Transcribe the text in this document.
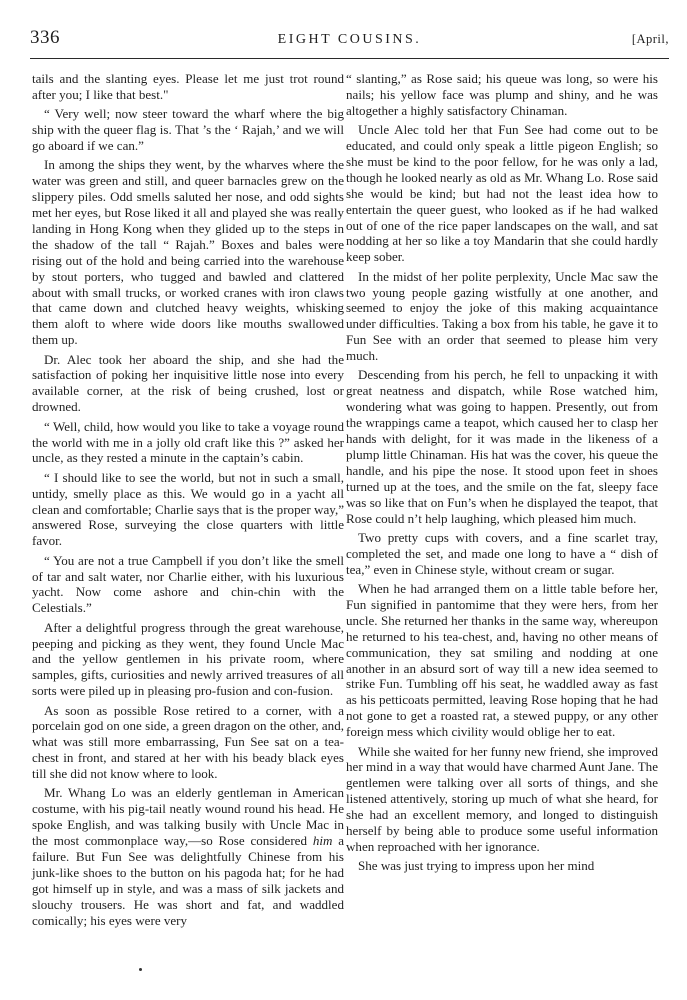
336	EIGHT COUSINS.	[April,

tails and the slanting eyes. Please let me just trot round after you; I like that best."

“ Very well; now steer toward the wharf where the big ship with the queer flag is. That ’s the ‘ Rajah,’ and we will go aboard if we can.”

In among the ships they went, by the wharves where the water was green and still, and queer barnacles grew on the slippery piles. Odd smells saluted her nose, and odd sights met her eyes, but Rose liked it all and played she was really landing in Hong Kong when they glided up to the steps in the shadow of the tall “ Rajah.” Boxes and bales were rising out of the hold and being carried into the warehouse by stout porters, who tugged and bawled and clattered about with small trucks, or worked cranes with iron claws that came down and clutched heavy weights, whisking them aloft to where wide doors like mouths swallowed them up.

Dr. Alec took her aboard the ship, and she had the satisfaction of poking her inquisitive little nose into every available corner, at the risk of being crushed, lost or drowned.

“ Well, child, how would you like to take a voyage round the world with me in a jolly old craft like this ?” asked her uncle, as they rested a minute in the captain’s cabin.

“ I should like to see the world, but not in such a small, untidy, smelly place as this. We would go in a yacht all clean and comfortable; Charlie says that is the proper way,” answered Rose, surveying the close quarters with little favor.

“ You are not a true Campbell if you don’t like the smell of tar and salt water, nor Charlie either, with his luxurious yacht. Now come ashore and chin-chin with the Celestials.”

After a delightful progress through the great warehouse, peeping and picking as they went, they found Uncle Mac and the yellow gentlemen in his private room, where samples, gifts, curiosities and newly arrived treasures of all sorts were piled up in pleasing pro-fusion and con-fusion.

As soon as possible Rose retired to a corner, with a porcelain god on one side, a green dragon on the other, and, what was still more embarrassing, Fun See sat on a tea-chest in front, and stared at her with his beady black eyes till she did not know where to look.

Mr. Whang Lo was an elderly gentleman in American costume, with his pig-tail neatly wound round his head. He spoke English, and was talking busily with Uncle Mac in the most commonplace way,—so Rose considered him a failure. But Fun See was delightfully Chinese from his junk-like shoes to the button on his pagoda hat; for he had got himself up in style, and was a mass of silk jackets and slouchy trousers. He was short and fat, and waddled comically; his eyes were very

“ slanting,” as Rose said; his queue was long, so were his nails; his yellow face was plump and shiny, and he was altogether a highly satisfactory Chinaman.

Uncle Alec told her that Fun See had come out to be educated, and could only speak a little pigeon English; so she must be kind to the poor fellow, for he was only a lad, though he looked nearly as old as Mr. Whang Lo. Rose said she would be kind; but had not the least idea how to entertain the queer guest, who looked as if he had walked out of one of the rice paper landscapes on the wall, and sat nodding at her so like a toy Mandarin that she could hardly keep sober.

In the midst of her polite perplexity, Uncle Mac saw the two young people gazing wistfully at one another, and seemed to enjoy the joke of this making acquaintance under difficulties. Taking a box from his table, he gave it to Fun See with an order that seemed to please him very much.

Descending from his perch, he fell to unpacking it with great neatness and dispatch, while Rose watched him, wondering what was going to happen. Presently, out from the wrappings came a teapot, which caused her to clasp her hands with delight, for it was made in the likeness of a plump little Chinaman. His hat was the cover, his queue the handle, and his pipe the nose. It stood upon feet in shoes turned up at the toes, and the smile on the fat, sleepy face was so like that on Fun’s when he displayed the teapot, that Rose could n’t help laughing, which pleased him much.

Two pretty cups with covers, and a fine scarlet tray, completed the set, and made one long to have a “ dish of tea,” even in Chinese style, without cream or sugar.

When he had arranged them on a little table before her, Fun signified in pantomime that they were hers, from her uncle. She returned her thanks in the same way, whereupon he returned to his tea-chest, and, having no other means of communication, they sat smiling and nodding at one another in an absurd sort of way till a new idea seemed to strike Fun. Tumbling off his seat, he waddled away as fast as his petticoats permitted, leaving Rose hoping that he had not gone to get a roasted rat, a stewed puppy, or any other foreign mess which civility would oblige her to eat.

While she waited for her funny new friend, she improved her mind in a way that would have charmed Aunt Jane. The gentlemen were talking over all sorts of things, and she listened attentively, storing up much of what she heard, for she had an excellent memory, and longed to distinguish herself by being able to produce some useful information when reproached with her ignorance.

She was just trying to impress upon her mind
